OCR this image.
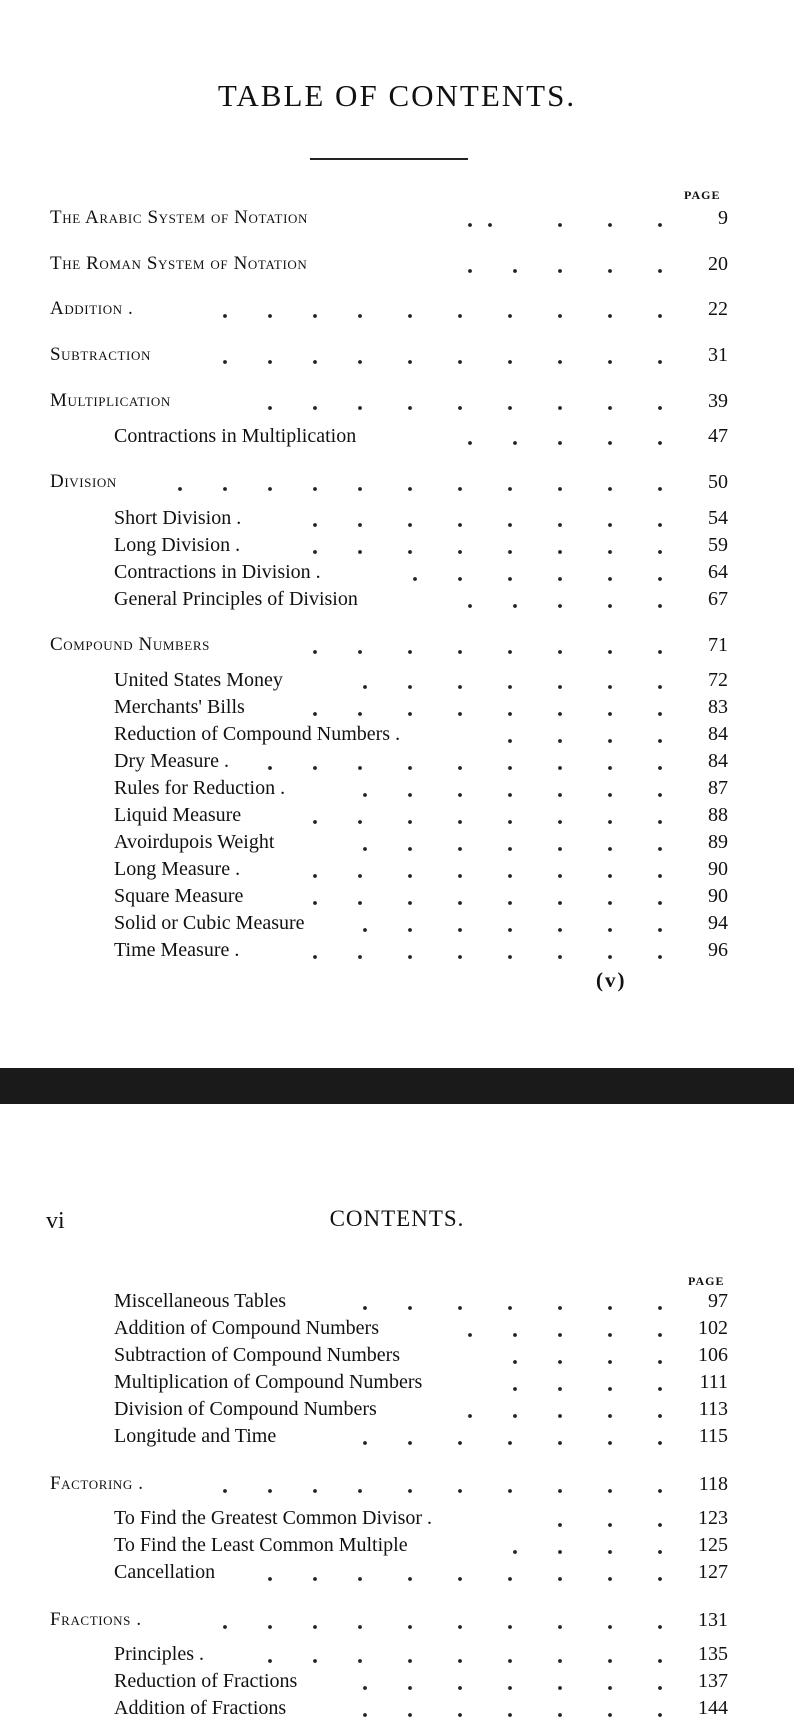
TABLE OF CONTENTS.
PAGE
The Arabic System of Notation	9
The Roman System of Notation	20
Addition .	22
Subtraction	31
Multiplication	39
Contractions in Multiplication	47
Division	50
Short Division .	54
Long Division .	59
Contractions in Division .	64
General Principles of Division	67
Compound Numbers	71
United States Money	72
Merchants' Bills	83
Reduction of Compound Numbers .	84
Dry Measure .	84
Rules for Reduction .	87
Liquid Measure	88
Avoirdupois Weight	89
Long Measure .	90
Square Measure	90
Solid or Cubic Measure	94
Time Measure .	96
(v)
vi	CONTENTS.
PAGE
Miscellaneous Tables	97
Addition of Compound Numbers	102
Subtraction of Compound Numbers	106
Multiplication of Compound Numbers	111
Division of Compound Numbers	113
Longitude and Time	115
Factoring .	118
To Find the Greatest Common Divisor .	123
To Find the Least Common Multiple	125
Cancellation	127
Fractions .	131
Principles .	135
Reduction of Fractions	137
Addition of Fractions	144
